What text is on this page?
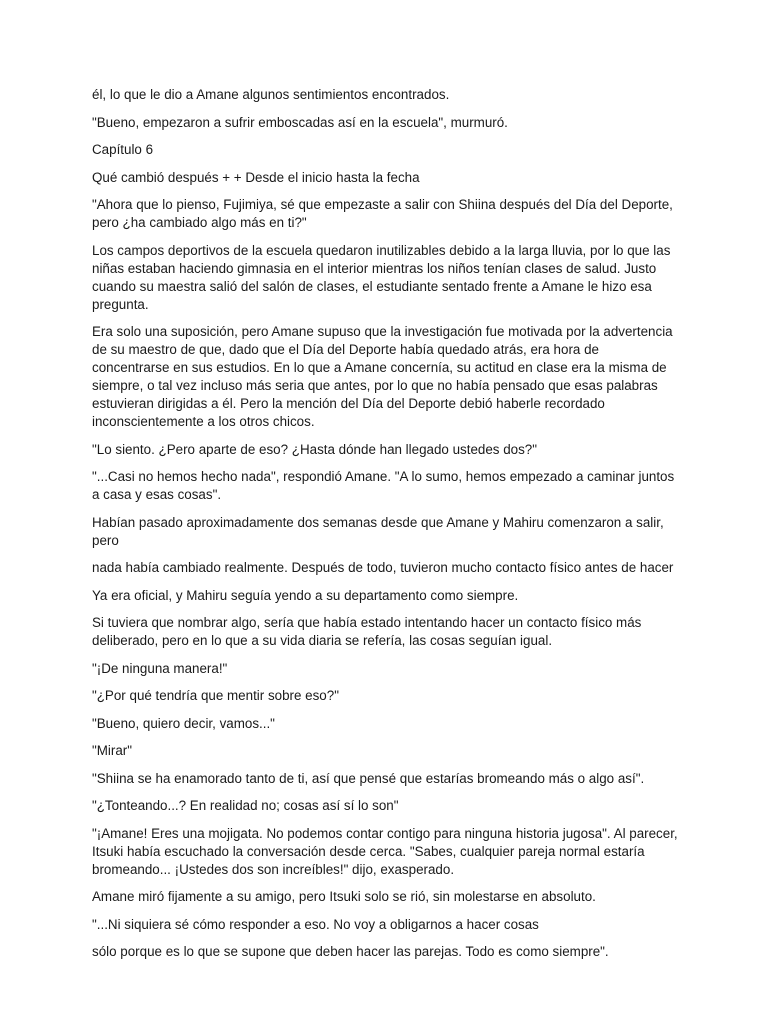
él, lo que le dio a Amane algunos sentimientos encontrados.

"Bueno, empezaron a sufrir emboscadas así en la escuela", murmuró.

Capítulo 6

Qué cambió después + + Desde el inicio hasta la fecha

"Ahora que lo pienso, Fujimiya, sé que empezaste a salir con Shiina después del Día del Deporte, pero ¿ha cambiado algo más en ti?"

Los campos deportivos de la escuela quedaron inutilizables debido a la larga lluvia, por lo que las niñas estaban haciendo gimnasia en el interior mientras los niños tenían clases de salud. Justo cuando su maestra salió del salón de clases, el estudiante sentado frente a Amane le hizo esa pregunta.

Era solo una suposición, pero Amane supuso que la investigación fue motivada por la advertencia de su maestro de que, dado que el Día del Deporte había quedado atrás, era hora de concentrarse en sus estudios. En lo que a Amane concernía, su actitud en clase era la misma de siempre, o tal vez incluso más seria que antes, por lo que no había pensado que esas palabras estuvieran dirigidas a él. Pero la mención del Día del Deporte debió haberle recordado inconscientemente a los otros chicos.

"Lo siento. ¿Pero aparte de eso? ¿Hasta dónde han llegado ustedes dos?"

"...Casi no hemos hecho nada", respondió Amane. "A lo sumo, hemos empezado a caminar juntos a casa y esas cosas".

Habían pasado aproximadamente dos semanas desde que Amane y Mahiru comenzaron a salir, pero

nada había cambiado realmente. Después de todo, tuvieron mucho contacto físico antes de hacer

Ya era oficial, y Mahiru seguía yendo a su departamento como siempre.

Si tuviera que nombrar algo, sería que había estado intentando hacer un contacto físico más deliberado, pero en lo que a su vida diaria se refería, las cosas seguían igual.

"¡De ninguna manera!"

"¿Por qué tendría que mentir sobre eso?"

"Bueno, quiero decir, vamos..."

"Mirar"

"Shiina se ha enamorado tanto de ti, así que pensé que estarías bromeando más o algo así".

"¿Tonteando...? En realidad no; cosas así sí lo son"

"¡Amane! Eres una mojigata. No podemos contar contigo para ninguna historia jugosa". Al parecer, Itsuki había escuchado la conversación desde cerca. "Sabes, cualquier pareja normal estaría bromeando... ¡Ustedes dos son increíbles!" dijo, exasperado.

Amane miró fijamente a su amigo, pero Itsuki solo se rió, sin molestarse en absoluto.

"...Ni siquiera sé cómo responder a eso. No voy a obligarnos a hacer cosas

sólo porque es lo que se supone que deben hacer las parejas. Todo es como siempre".
